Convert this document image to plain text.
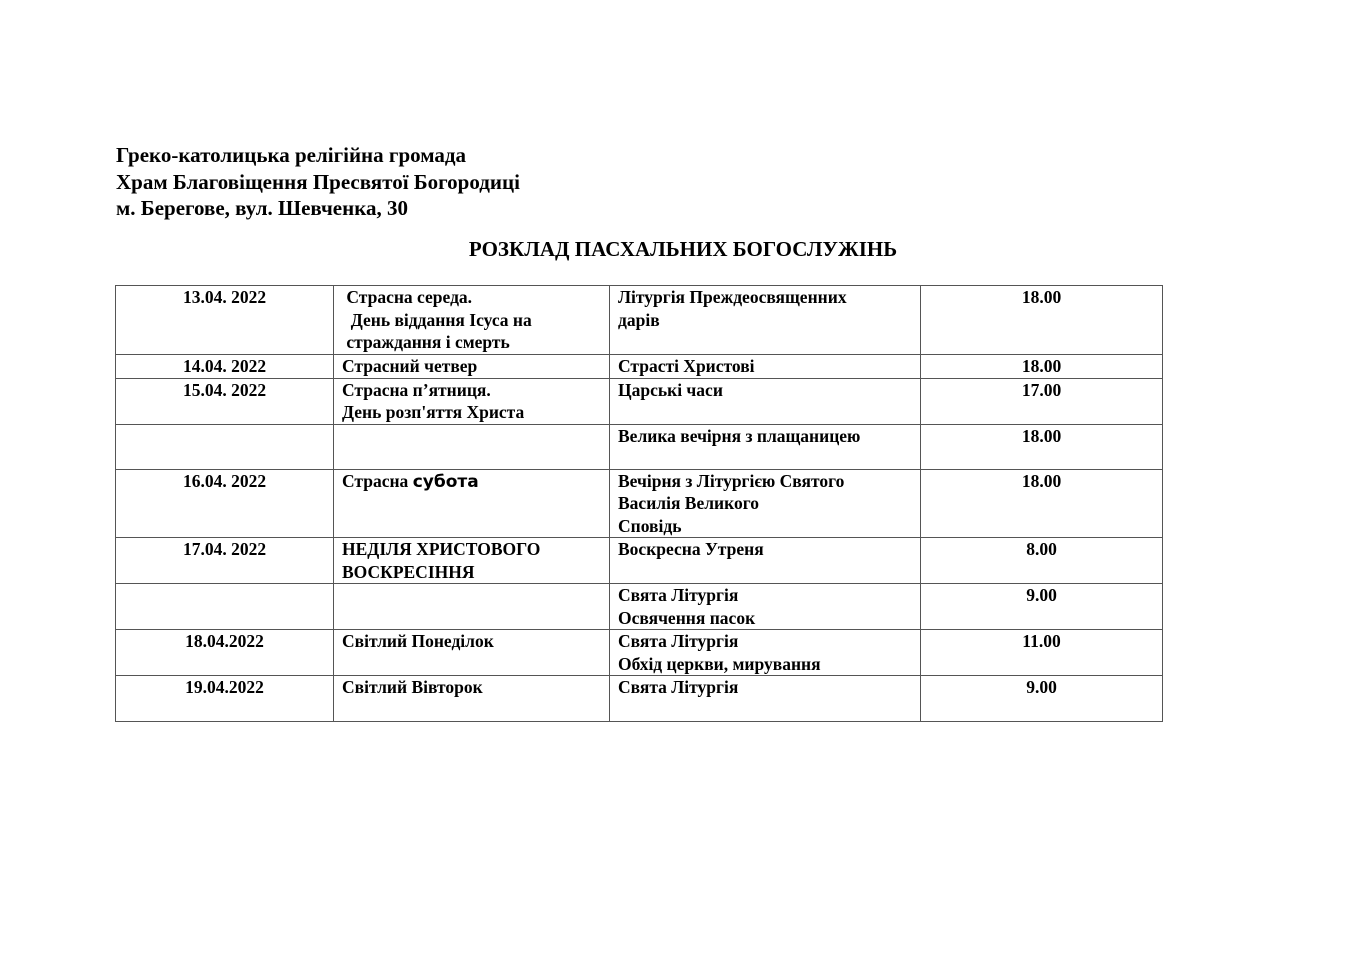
Греко-католицька релігійна громада
Храм Благовіщення Пресвятої Богородиці
м. Берегове, вул. Шевченка, 30
РОЗКЛАД ПАСХАЛЬНИХ БОГОСЛУЖІНЬ
13.04. 2022	Страсна середа.
День віддання Ісуса на
страждання і смерть	Літургія Преждеосвященних
дарів	18.00
14.04. 2022	Страсний четвер	Страсті Христові	18.00
15.04. 2022	Страсна п’ятниця.
День розп'яття Христа	Царські часи	17.00

		Велика вечірня з плащаницею	18.00
16.04. 2022	Страсна субота	Вечірня з Літургією Святого
Василія Великого
Сповідь	18.00
17.04. 2022	НЕДІЛЯ ХРИСТОВОГО
ВОСКРЕСІННЯ	Воскресна Утреня	8.00

		Свята Літургія
Освячення пасок	9.00
18.04.2022	Світлий Понеділок	Свята Літургія
Обхід церкви, мирування	11.00
19.04.2022	Світлий Вівторок	Свята Літургія	9.00
